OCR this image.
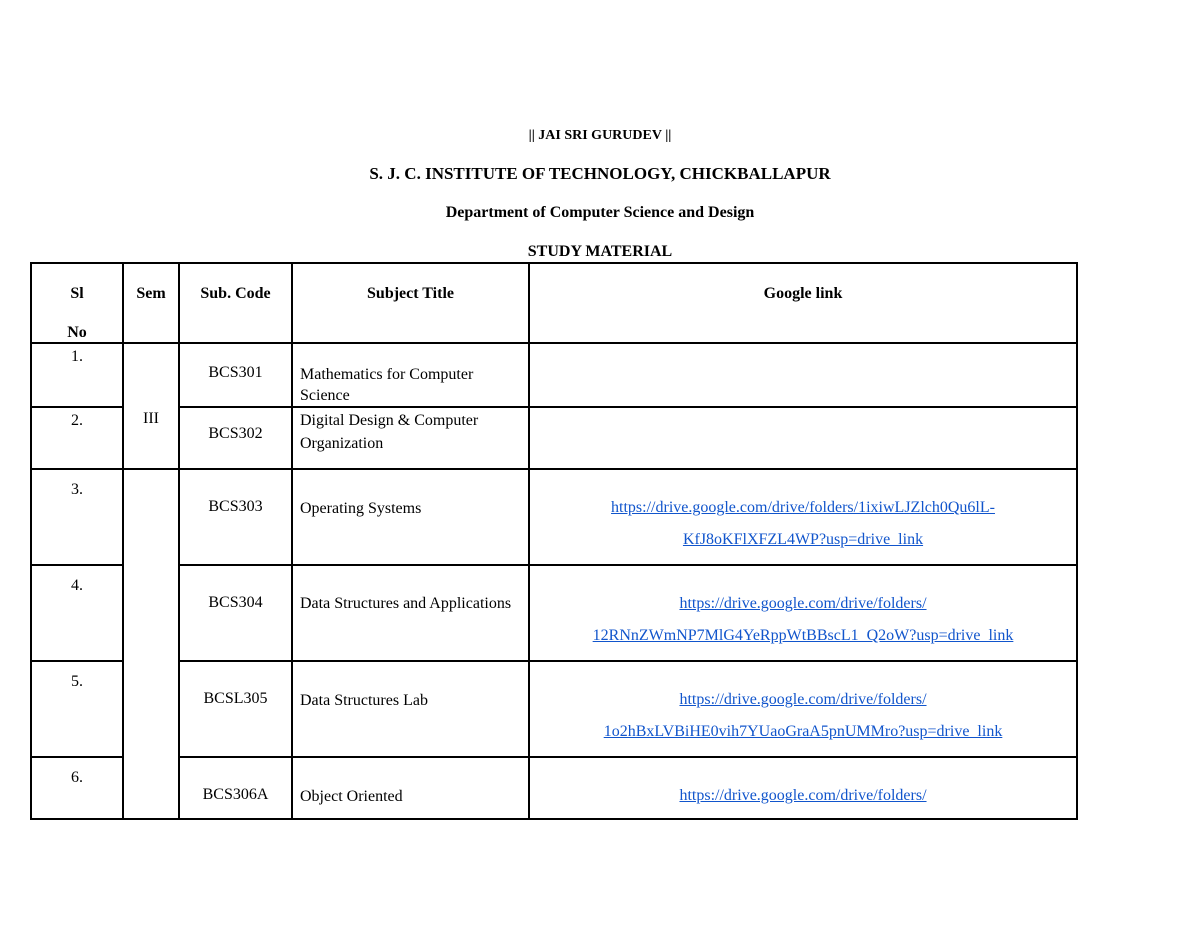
|| JAI SRI GURUDEV ||
S. J. C. INSTITUTE OF TECHNOLOGY, CHICKBALLAPUR
Department of Computer Science and Design
STUDY MATERIAL
Sl
No	Sem	Sub. Code	Subject Title	Google link

1.	III	BCS301	Mathematics for Computer Science	

2.		BCS302	Digital Design & Computer Organization	

3.		BCS303	Operating Systems	https://drive.google.com/drive/folders/1ixiwLJZlch0Qu6lL-
KfJ8oKFlXFZL4WP?usp=drive_link

4.		BCS304	Data Structures and Applications	https://drive.google.com/drive/folders/
12RNnZWmNP7MlG4YeRppWtBBscL1_Q2oW?usp=drive_link

5.		BCSL305	Data Structures Lab	https://drive.google.com/drive/folders/
1o2hBxLVBiHE0vih7YUaoGraA5pnUMMro?usp=drive_link

6.		BCS306A	Object Oriented	https://drive.google.com/drive/folders/
